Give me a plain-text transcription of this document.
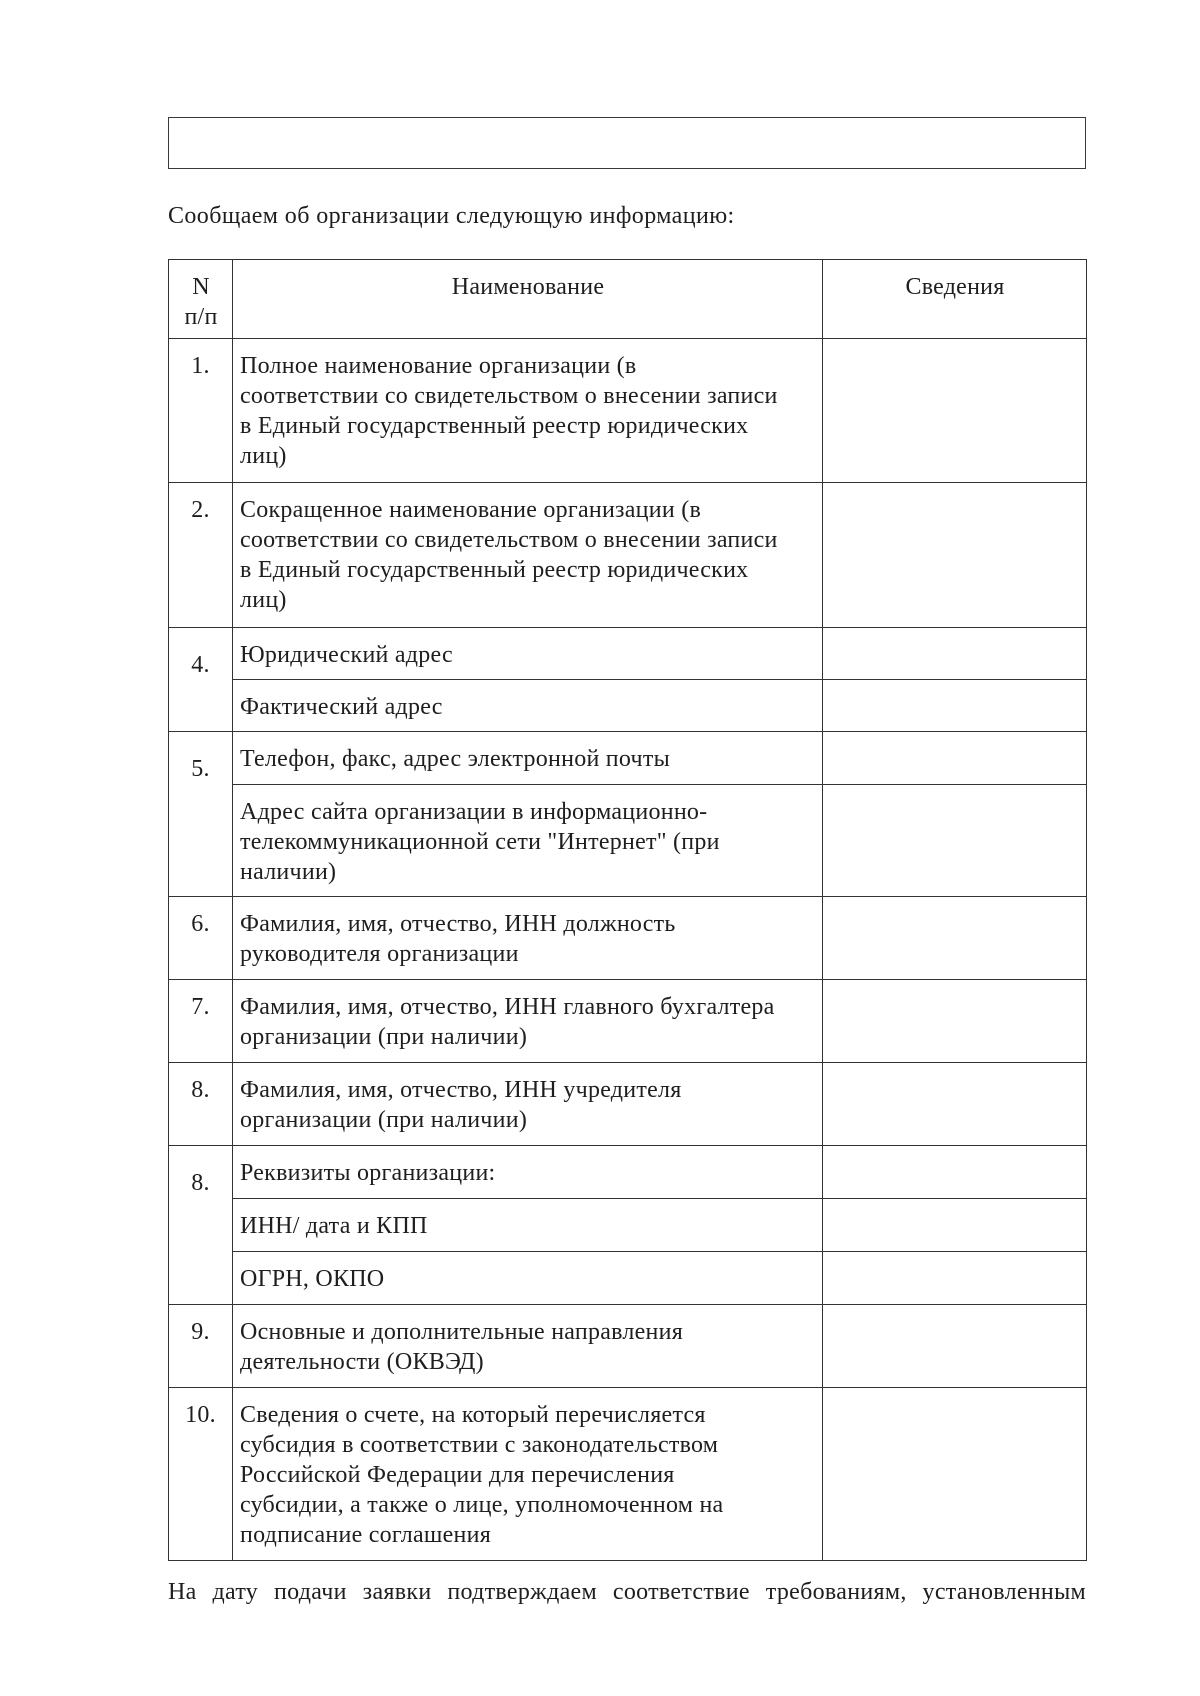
Сообщаем об организации следующую информацию:
N
п/п	Наименование	Сведения
1.	Полное наименование организации (в
соответствии со свидетельством о внесении записи
в Единый государственный реестр юридических
лиц)	
2.	Сокращенное наименование организации (в
соответствии со свидетельством о внесении записи
в Единый государственный реестр юридических
лиц)	
4.	Юридический адрес	
	Фактический адрес	
5.	Телефон, факс, адрес электронной почты	
	Адрес сайта организации в информационно-
телекоммуникационной сети "Интернет" (при
наличии)	
6.	Фамилия, имя, отчество, ИНН должность
руководителя организации	
7.	Фамилия, имя, отчество, ИНН главного бухгалтера
организации (при наличии)	
8.	Фамилия, имя, отчество, ИНН учредителя
организации (при наличии)	
8.	Реквизиты организации:	
	ИНН/ дата и КПП	
	ОГРН, ОКПО	
9.	Основные и дополнительные направления
деятельности (ОКВЭД)	
10.	Сведения о счете, на который перечисляется
субсидия в соответствии с законодательством
Российской Федерации для перечисления
субсидии, а также о лице, уполномоченном на
подписание соглашения	
На дату подачи заявки подтверждаем соответствие требованиям, установленным
